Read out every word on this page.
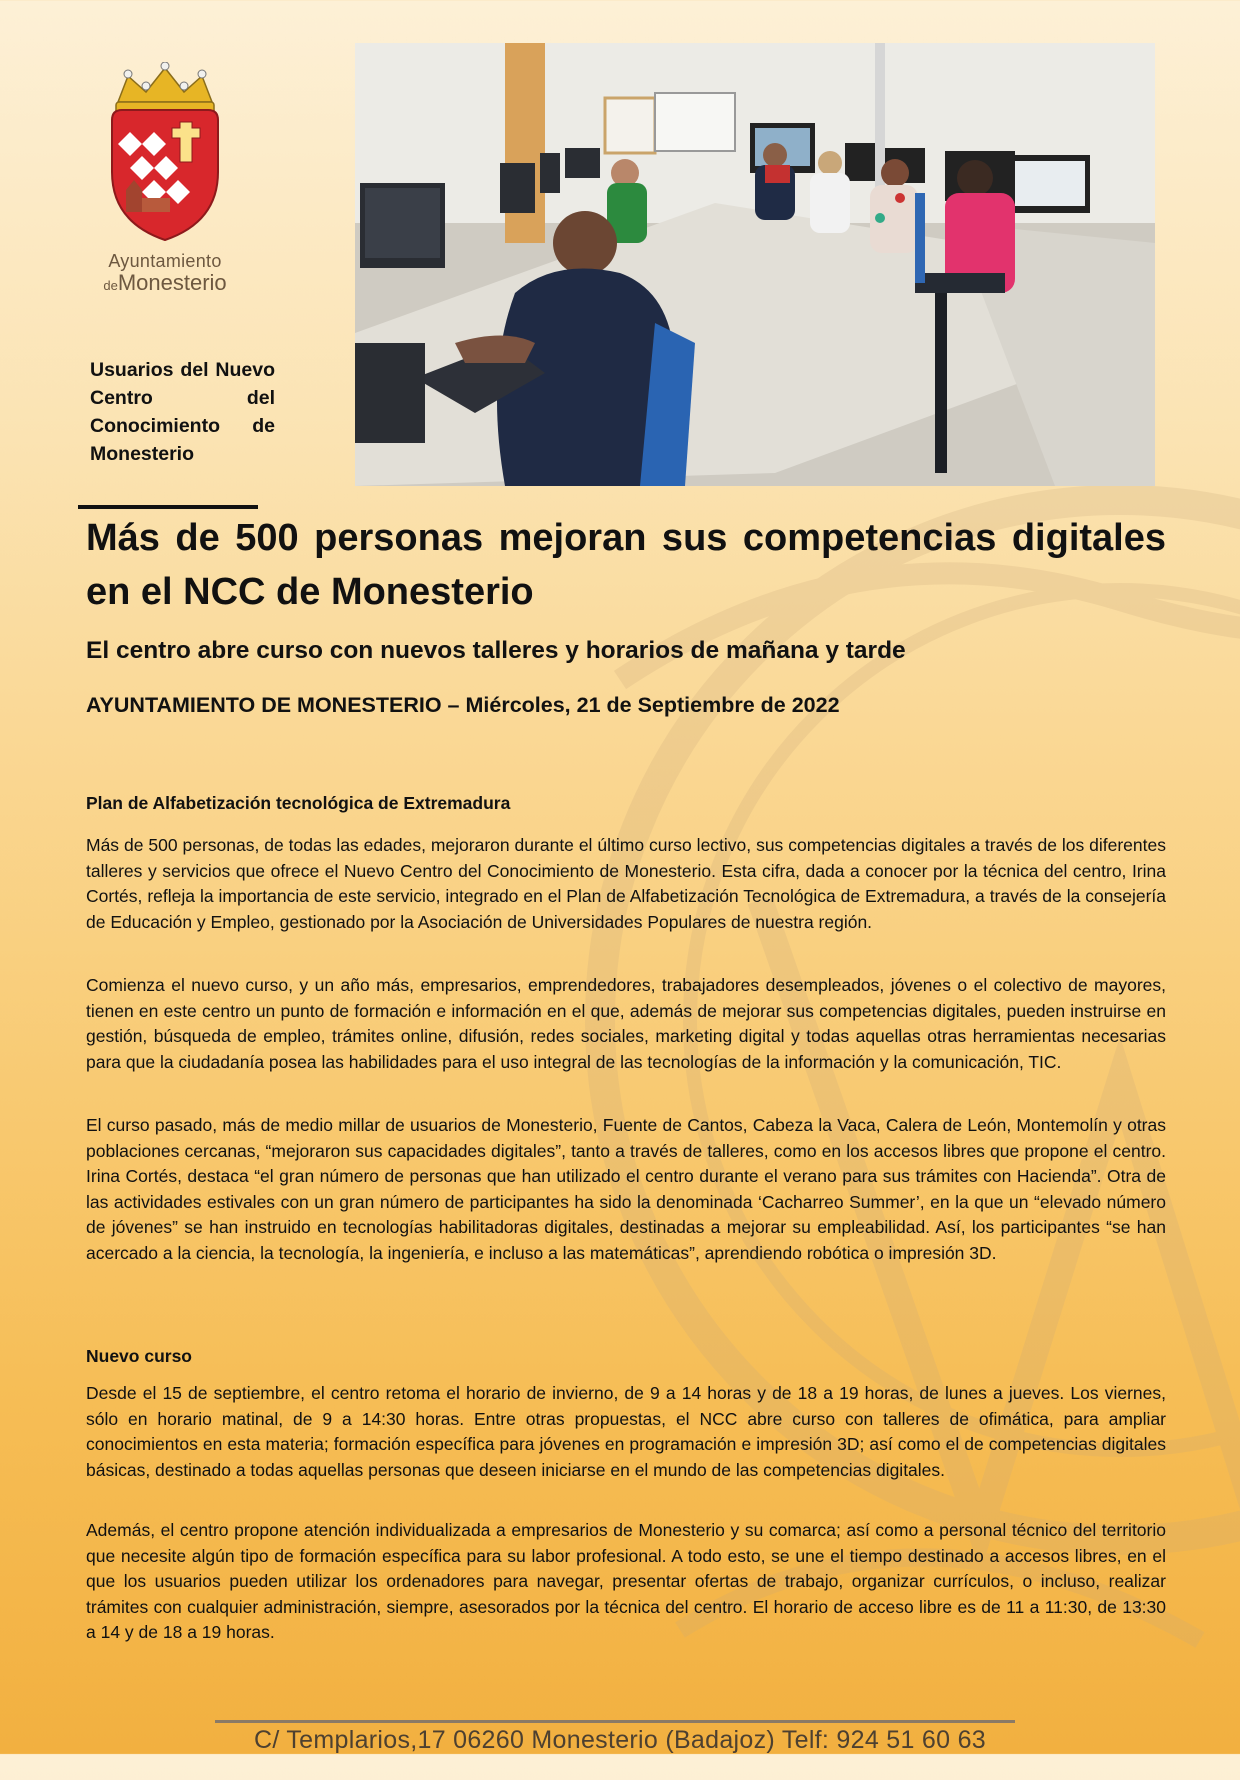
Ayuntamiento
deMonesterio
Usuarios del Nuevo Centro del Conocimiento de Monesterio
Más de 500 personas mejoran sus competencias digitales en el NCC de Monesterio
El centro abre curso con nuevos talleres y horarios de mañana y tarde
AYUNTAMIENTO DE MONESTERIO – Miércoles, 21 de Septiembre de 2022
Plan de Alfabetización tecnológica de Extremadura

Más de 500 personas, de todas las edades, mejoraron durante el último curso lectivo, sus competencias digitales a través de los diferentes talleres y servicios que ofrece el Nuevo Centro del Conocimiento de Monesterio. Esta cifra, dada a conocer por la técnica del centro, Irina Cortés, refleja la importancia de este servicio, integrado en el Plan de Alfabetización Tecnológica de Extremadura, a través de la consejería de Educación y Empleo, gestionado por la Asociación de Universidades Populares de nuestra región.

Comienza el nuevo curso, y un año más, empresarios, emprendedores, trabajadores desempleados, jóvenes o el colectivo de mayores, tienen en este centro un punto de formación e información en el que, además de mejorar sus competencias digitales, pueden instruirse en gestión, búsqueda de empleo, trámites online, difusión, redes sociales, marketing digital y todas aquellas otras herramientas necesarias para que la ciudadanía posea las habilidades para el uso integral de las tecnologías de la información y la comunicación, TIC.

El curso pasado, más de medio millar de usuarios de Monesterio, Fuente de Cantos, Cabeza la Vaca, Calera de León, Montemolín y otras poblaciones cercanas, “mejoraron sus capacidades digitales”, tanto a través de talleres, como en los accesos libres que propone el centro. Irina Cortés, destaca “el gran número de personas que han utilizado el centro durante el verano para sus trámites con Hacienda”. Otra de las actividades estivales con un gran número de participantes ha sido la denominada ‘Cacharreo Summer’, en la que un “elevado número de jóvenes” se han instruido en tecnologías habilitadoras digitales, destinadas a mejorar su empleabilidad. Así, los participantes “se han acercado a la ciencia, la tecnología, la ingeniería, e incluso a las matemáticas”, aprendiendo robótica o impresión 3D.

Nuevo curso

Desde el 15 de septiembre, el centro retoma el horario de invierno, de 9 a 14 horas y de 18 a 19 horas, de lunes a jueves. Los viernes, sólo en horario matinal, de 9 a 14:30 horas. Entre otras propuestas, el NCC abre curso con talleres de ofimática, para ampliar conocimientos en esta materia; formación específica para jóvenes en programación e impresión 3D; así como el de competencias digitales básicas, destinado a todas aquellas personas que deseen iniciarse en el mundo de las competencias digitales.

Además, el centro propone atención individualizada a empresarios de Monesterio y su comarca; así como a personal técnico del territorio que necesite algún tipo de formación específica para su labor profesional. A todo esto, se une el tiempo destinado a accesos libres, en el que los usuarios pueden utilizar los ordenadores para navegar, presentar ofertas de trabajo, organizar currículos, o incluso, realizar trámites con cualquier administración, siempre, asesorados por la técnica del centro. El horario de acceso libre es de 11 a 11:30, de 13:30 a 14 y de 18 a 19 horas.

C/ Templarios,17 06260 Monesterio (Badajoz) Telf: 924 51 60 63
